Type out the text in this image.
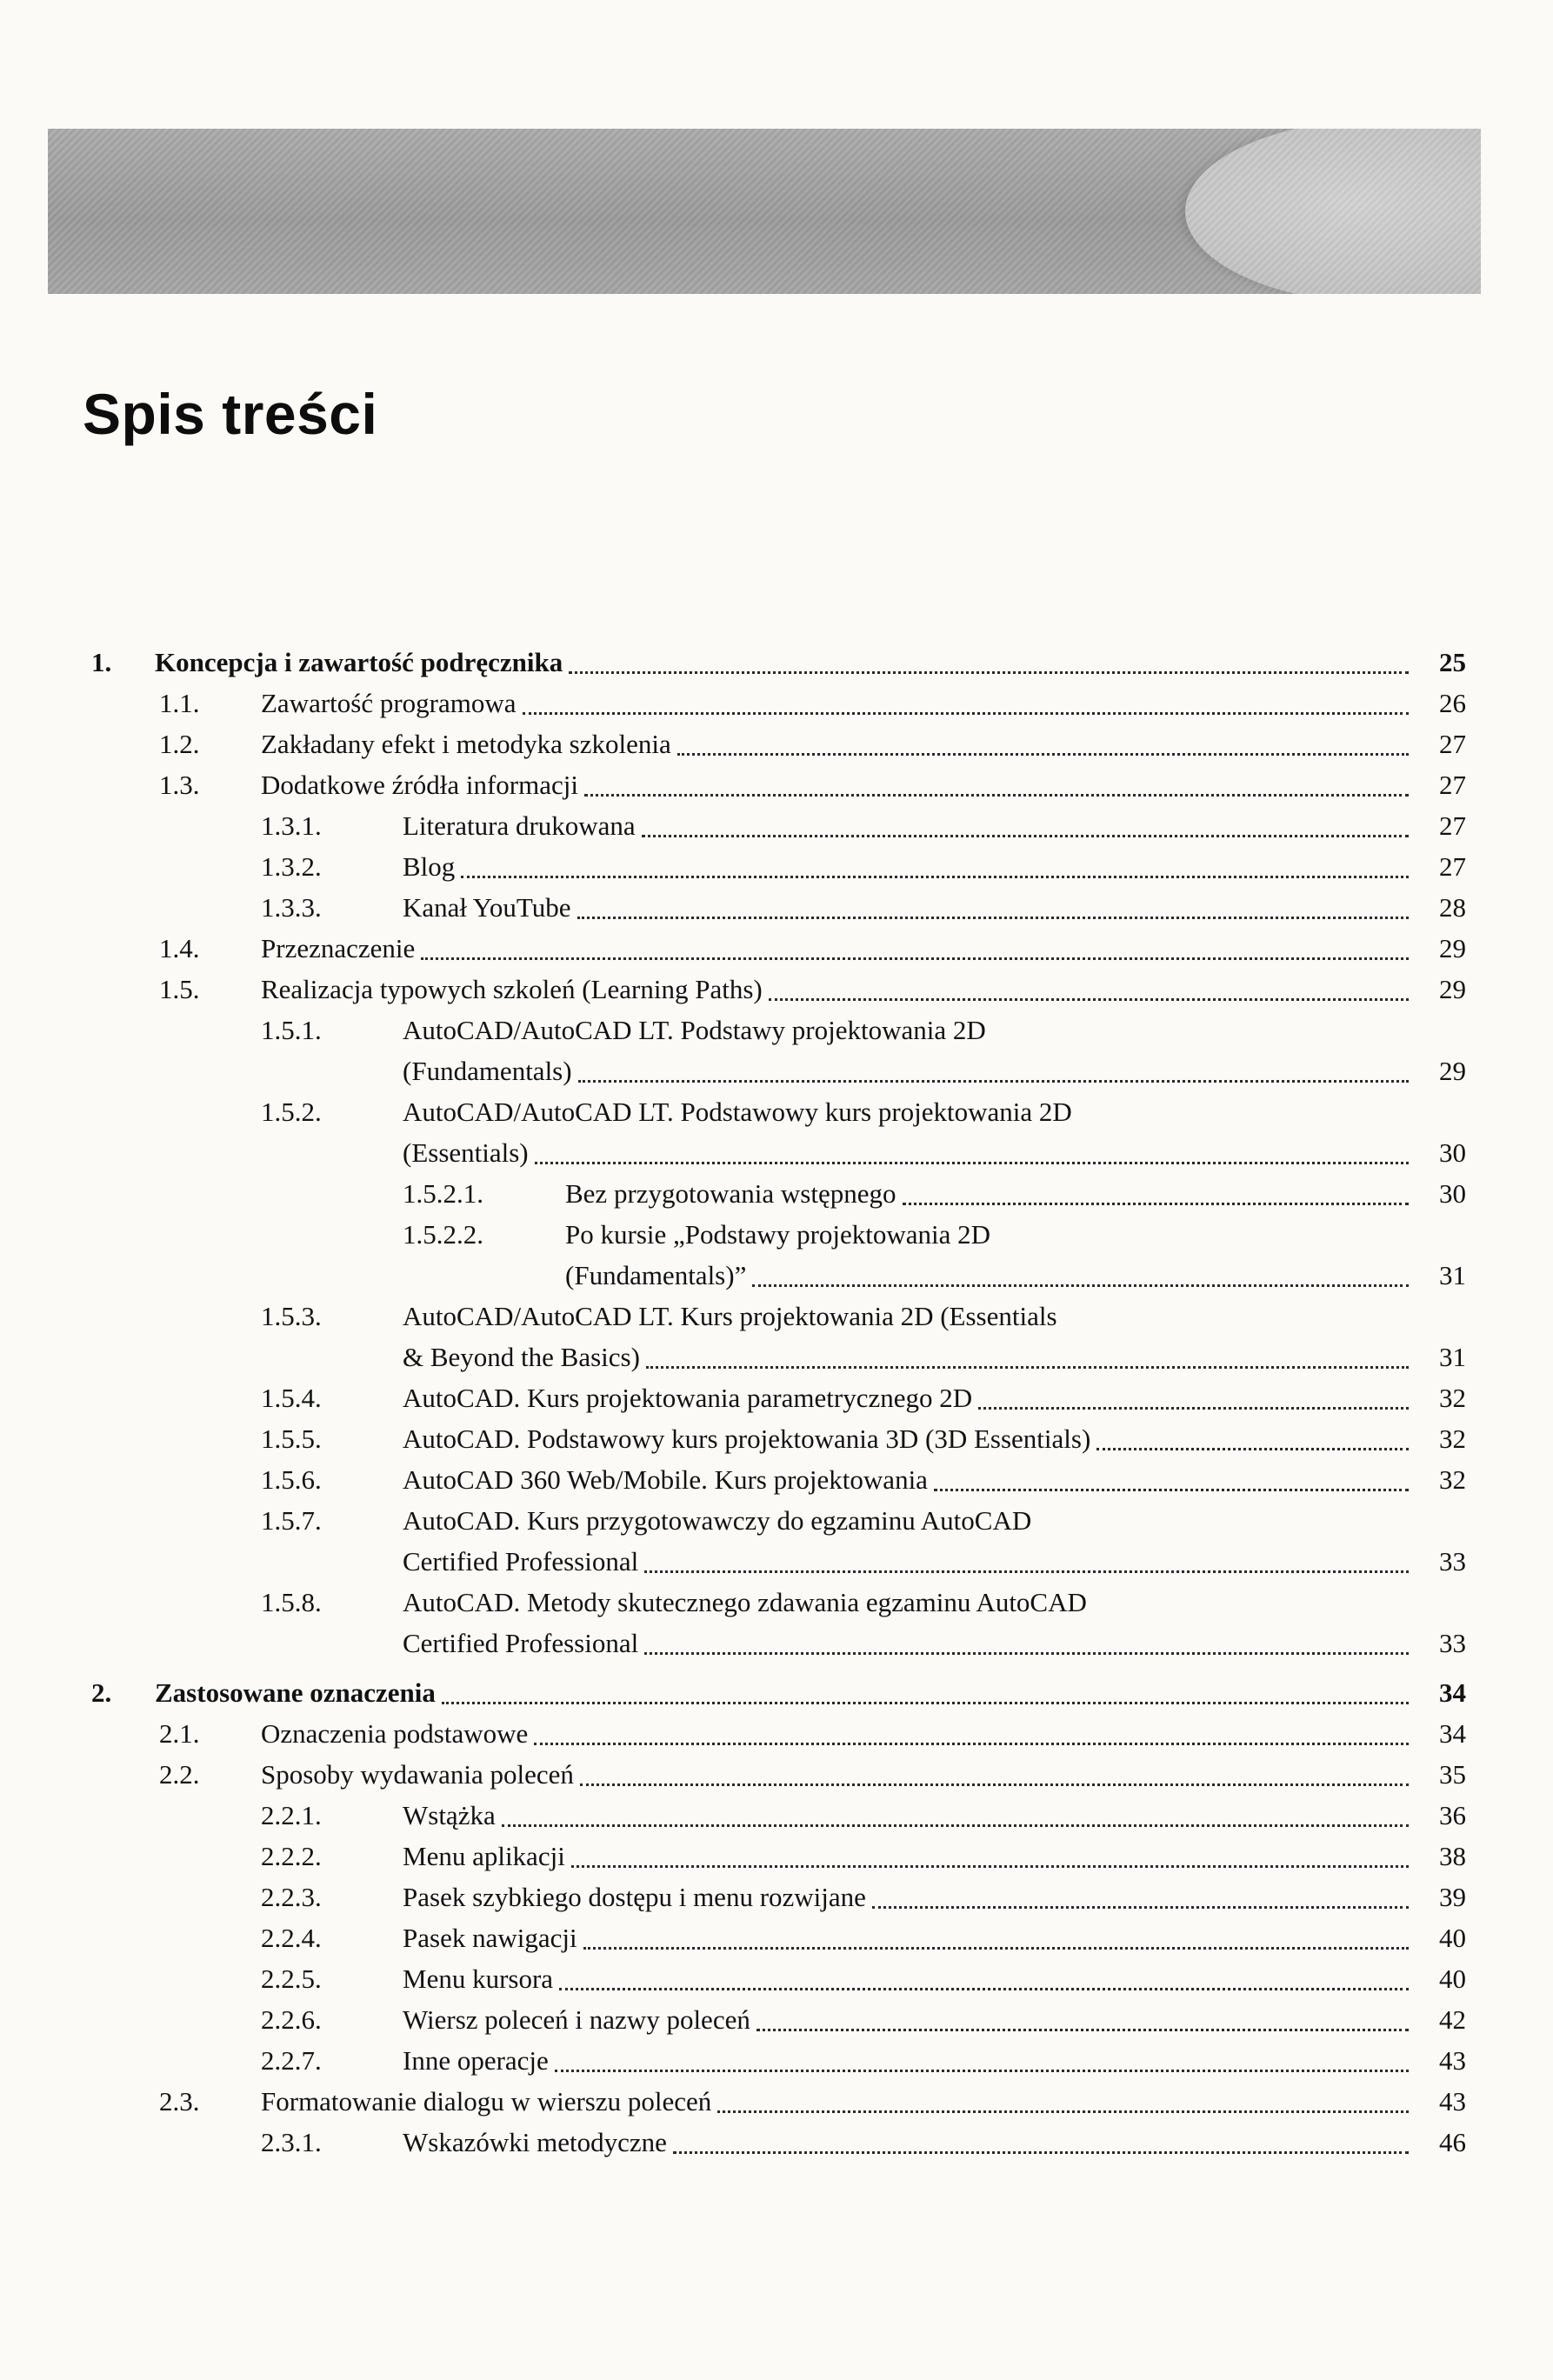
Spis treści
1.	Koncepcja i zawartość podręcznika	25
1.1.	Zawartość programowa	26
1.2.	Zakładany efekt i metodyka szkolenia	27
1.3.	Dodatkowe źródła informacji	27
1.3.1.	Literatura drukowana	27
1.3.2.	Blog	27
1.3.3.	Kanał YouTube	28
1.4.	Przeznaczenie	29
1.5.	Realizacja typowych szkoleń (Learning Paths)	29
1.5.1.	AutoCAD/AutoCAD LT. Podstawy projektowania 2D
(Fundamentals)	29
1.5.2.	AutoCAD/AutoCAD LT. Podstawowy kurs projektowania 2D
(Essentials)	30
1.5.2.1.	Bez przygotowania wstępnego	30
1.5.2.2.	Po kursie „Podstawy projektowania 2D
(Fundamentals)”	31
1.5.3.	AutoCAD/AutoCAD LT. Kurs projektowania 2D (Essentials
& Beyond the Basics)	31
1.5.4.	AutoCAD. Kurs projektowania parametrycznego 2D	32
1.5.5.	AutoCAD. Podstawowy kurs projektowania 3D (3D Essentials)	32
1.5.6.	AutoCAD 360 Web/Mobile. Kurs projektowania	32
1.5.7.	AutoCAD. Kurs przygotowawczy do egzaminu AutoCAD
Certified Professional	33
1.5.8.	AutoCAD. Metody skutecznego zdawania egzaminu AutoCAD
Certified Professional	33
2.	Zastosowane oznaczenia	34
2.1.	Oznaczenia podstawowe	34
2.2.	Sposoby wydawania poleceń	35
2.2.1.	Wstążka	36
2.2.2.	Menu aplikacji	38
2.2.3.	Pasek szybkiego dostępu i menu rozwijane	39
2.2.4.	Pasek nawigacji	40
2.2.5.	Menu kursora	40
2.2.6.	Wiersz poleceń i nazwy poleceń	42
2.2.7.	Inne operacje	43
2.3.	Formatowanie dialogu w wierszu poleceń	43
2.3.1.	Wskazówki metodyczne	46
